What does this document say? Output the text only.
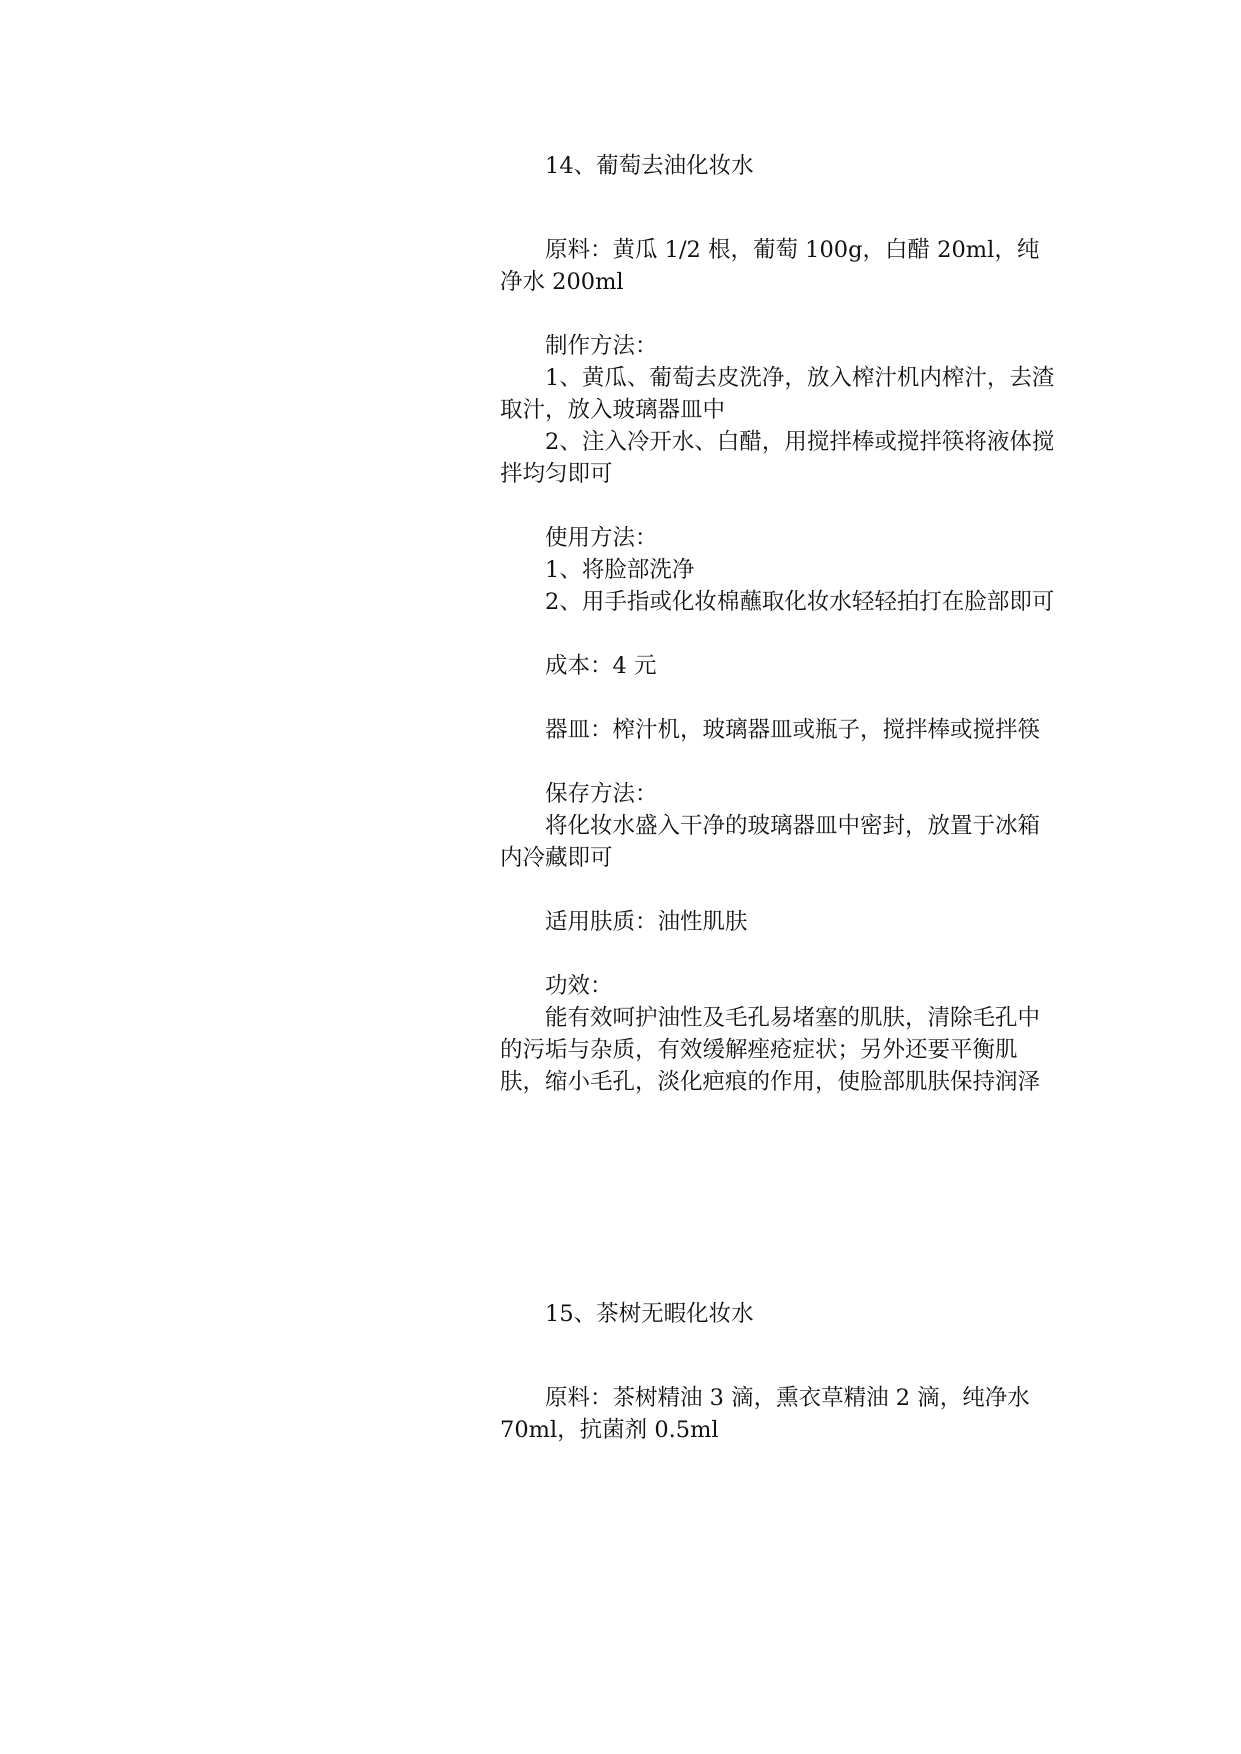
14、葡萄去油化妆水

原料：黄瓜 1/2 根，葡萄 100g，白醋 20ml，纯净水 200ml

制作方法：

1、黄瓜、葡萄去皮洗净，放入榨汁机内榨汁，去渣取汁，放入玻璃器皿中

2、注入冷开水、白醋，用搅拌棒或搅拌筷将液体搅拌均匀即可

使用方法：

1、将脸部洗净

2、用手指或化妆棉蘸取化妆水轻轻拍打在脸部即可

成本：4 元

器皿：榨汁机，玻璃器皿或瓶子，搅拌棒或搅拌筷

保存方法：

将化妆水盛入干净的玻璃器皿中密封，放置于冰箱内冷藏即可

适用肤质：油性肌肤

功效：

能有效呵护油性及毛孔易堵塞的肌肤，清除毛孔中的污垢与杂质，有效缓解痤疮症状；另外还要平衡肌肤，缩小毛孔，淡化疤痕的作用，使脸部肌肤保持润泽

15、茶树无暇化妆水

原料：茶树精油 3 滴，熏衣草精油 2 滴，纯净水 70ml，抗菌剂 0.5ml
